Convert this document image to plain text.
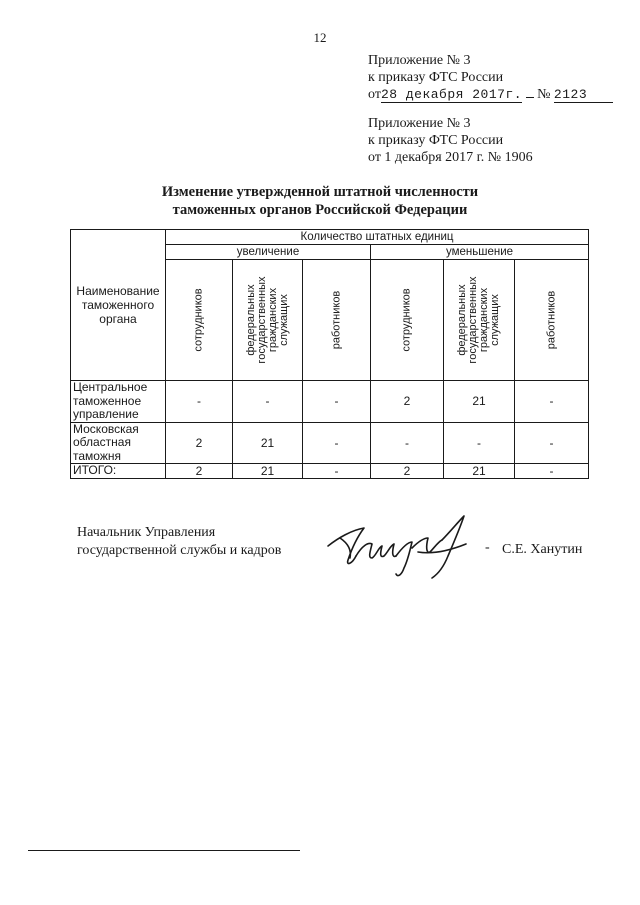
12
Приложение № 3
к приказу ФТС России
от28 декабря 2017г. № 2123
Приложение № 3
к приказу ФТС России
от 1 декабря 2017 г. № 1906
Изменение утвержденной штатной численности
таможенных органов Российской Федерации
Наименование таможенного органа	Количество штатных единиц					
	увеличение			уменьшение		

	сотрудников	федеральных государственных гражданских служащих	работников	сотрудников	федеральных государственных гражданских служащих	работников

Центральное таможенное управление	-	-	-	2	21	-
Московская областная таможня	2	21	-	-	-	-
ИТОГО:	2	21	-	2	21	-
Начальник Управления
государственной службы и кадров	- С.Е. Ханутин
